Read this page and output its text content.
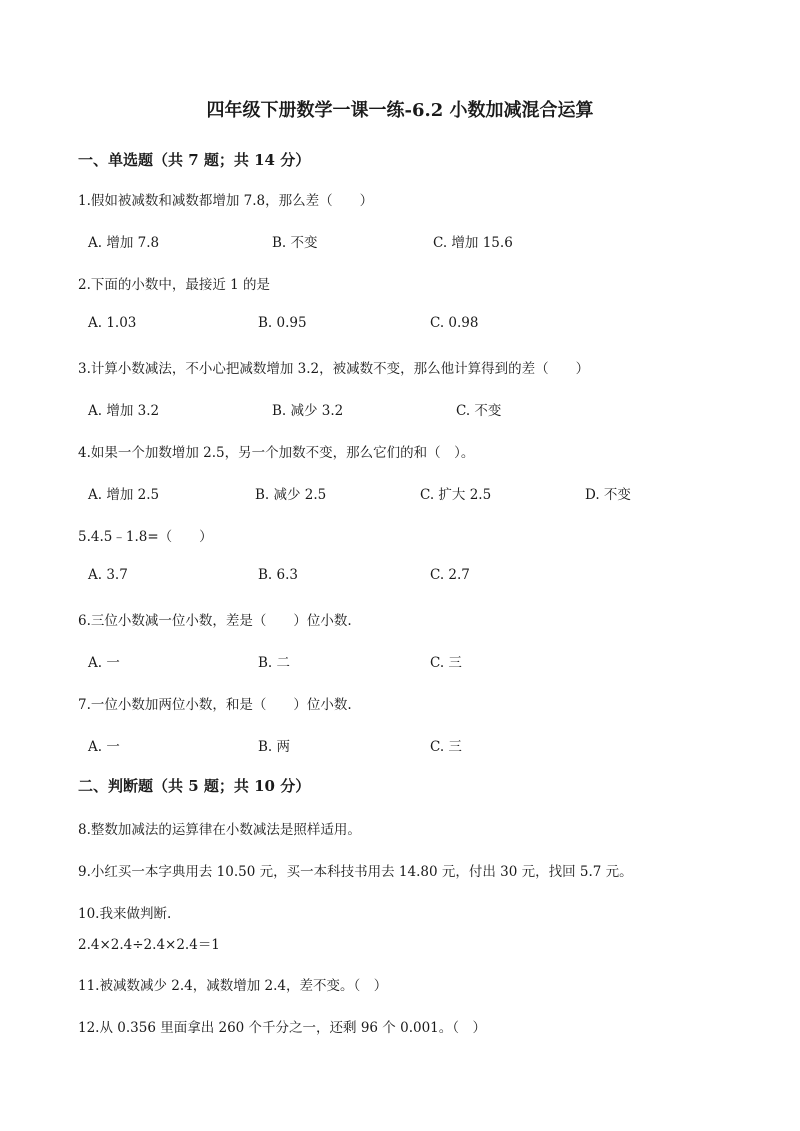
四年级下册数学一课一练-6.2 小数加减混合运算
一、单选题（共 7 题；共 14 分）
1.假如被减数和减数都增加 7.8，那么差（　　）
A. 增加 7.8	B. 不变	C. 增加 15.6
2.下面的小数中，最接近 1 的是
A. 1.03	B. 0.95	C. 0.98
3.计算小数减法，不小心把减数增加 3.2，被减数不变，那么他计算得到的差（　　）
A. 增加 3.2	B. 减少 3.2	C. 不变
4.如果一个加数增加 2.5，另一个加数不变，那么它们的和（　）。
A. 增加 2.5	B. 减少 2.5	C. 扩大 2.5	D. 不变
5.4.5﹣1.8=（　　）
A. 3.7	B. 6.3	C. 2.7
6.三位小数减一位小数，差是（　　）位小数.
A. 一	B. 二	C. 三
7.一位小数加两位小数，和是（　　）位小数.
A. 一	B. 两	C. 三
二、判断题（共 5 题；共 10 分）
8.整数加减法的运算律在小数减法是照样适用。
9.小红买一本字典用去 10.50 元，买一本科技书用去 14.80 元，付出 30 元，找回 5.7 元。
10.我来做判断.
2.4×2.4÷2.4×2.4＝1
11.被减数减少 2.4，减数增加 2.4，差不变。（　）
12.从 0.356 里面拿出 260 个千分之一，还剩 96 个 0.001。（　）
